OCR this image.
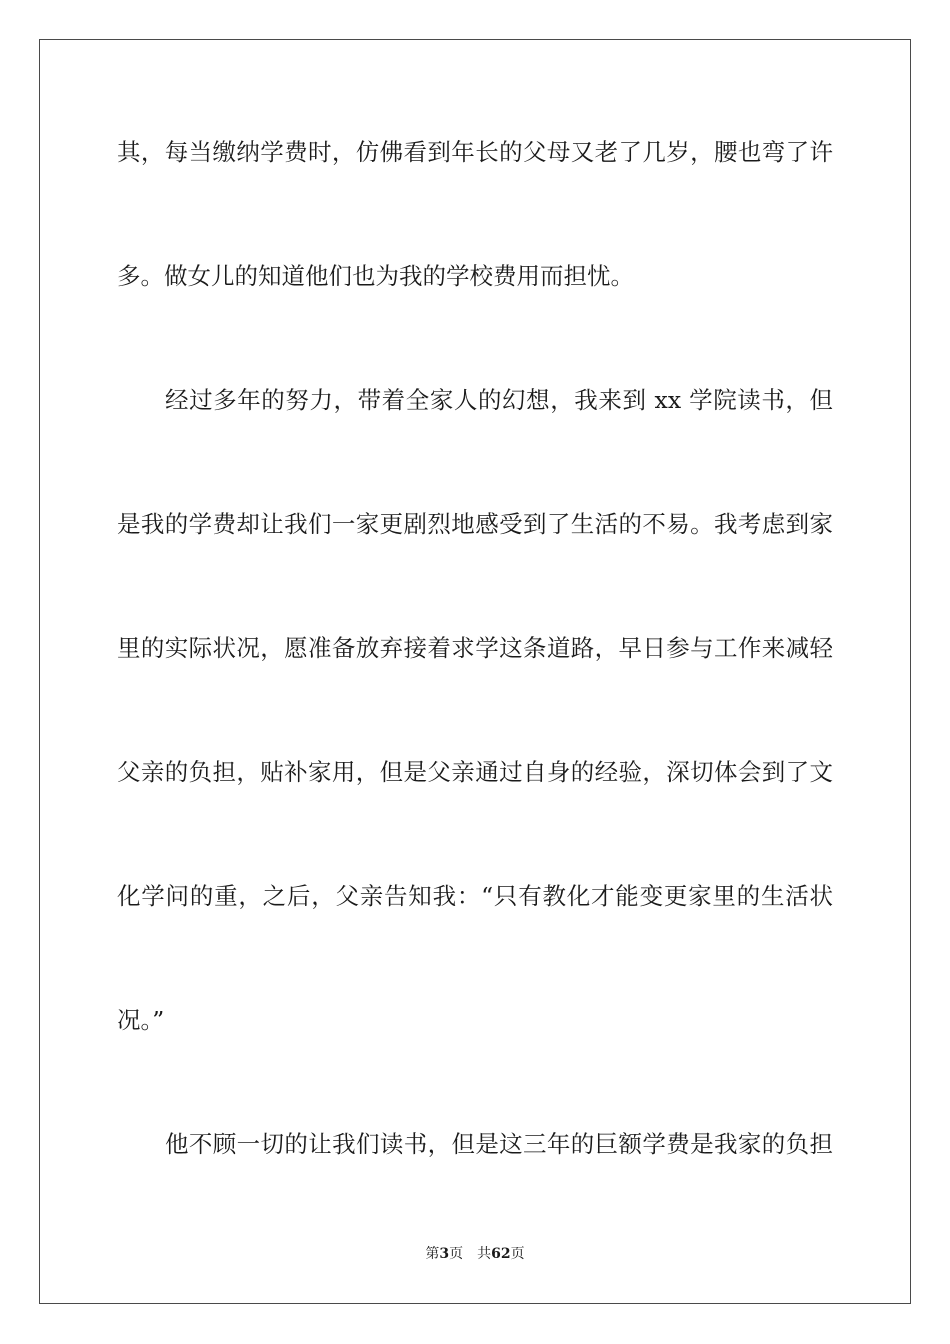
其，每当缴纳学费时，仿佛看到年长的父母又老了几岁，腰也弯了许
多。做女儿的知道他们也为我的学校费用而担忧。
经过多年的努力，带着全家人的幻想，我来到 xx 学院读书，但
是我的学费却让我们一家更剧烈地感受到了生活的不易。我考虑到家
里的实际状况，愿准备放弃接着求学这条道路，早日参与工作来减轻
父亲的负担，贴补家用，但是父亲通过自身的经验，深切体会到了文
化学问的重，之后，父亲告知我：“只有教化才能变更家里的生活状
况。”
他不顾一切的让我们读书，但是这三年的巨额学费是我家的负担
第3页 共62页
